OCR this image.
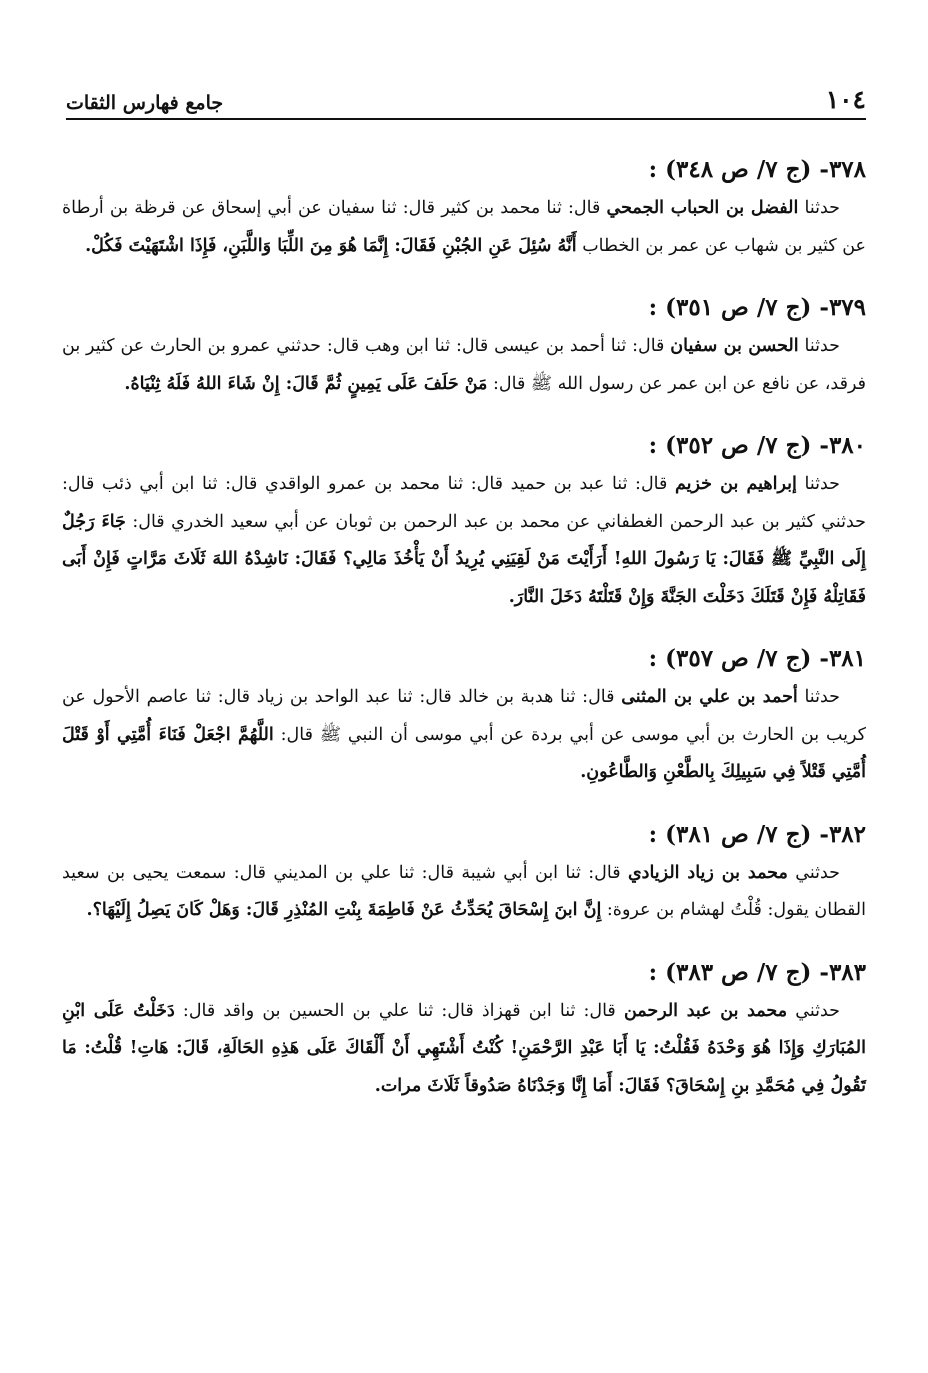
١٠٤
جامع فهارس الثقات
٣٧٨- (ج ٧/ ص ٣٤٨) :
حدثنا الفضل بن الحباب الجمحي قال: ثنا محمد بن كثير قال: ثنا سفيان عن أبي إسحاق عن قرظة بن أرطاة عن كثير بن شهاب عن عمر بن الخطاب أَنَّهُ سُئِلَ عَنِ الجُبْنِ فَقَالَ: إِنَّمَا هُوَ مِنَ اللِّبَا وَاللَّبَنِ، فَإِذَا اشْتَهَيْتَ فَكُلْ.
٣٧٩- (ج ٧/ ص ٣٥١) :
حدثنا الحسن بن سفيان قال: ثنا أحمد بن عيسى قال: ثنا ابن وهب قال: حدثني عمرو بن الحارث عن كثير بن فرقد، عن نافع عن ابن عمر عن رسول الله ﷺ قال: مَنْ حَلَفَ عَلَى يَمِينٍ ثُمَّ قَالَ: إِنْ شَاءَ اللهُ فَلَهُ ثِنْيَاهُ.
٣٨٠- (ج ٧/ ص ٣٥٢) :
حدثنا إبراهيم بن خزيم قال: ثنا عبد بن حميد قال: ثنا محمد بن عمرو الواقدي قال: ثنا ابن أبي ذئب قال: حدثني كثير بن عبد الرحمن الغطفاني عن محمد بن عبد الرحمن بن ثوبان عن أبي سعيد الخدري قال: جَاءَ رَجُلٌ إِلَى النَّبِيِّ ﷺ فَقَالَ: يَا رَسُولَ اللهِ! أَرَأَيْتَ مَنْ لَقِيَنِي يُرِيدُ أَنْ يَأْخُذَ مَالِي؟ فَقَالَ: نَاشِدْهُ اللهَ ثَلَاثَ مَرَّاتٍ فَإِنْ أَبَى فَقَاتِلْهُ فَإِنْ قَتَلَكَ دَخَلْتَ الجَنَّةَ وَإِنْ قَتَلْتَهُ دَخَلَ النَّارَ.
٣٨١- (ج ٧/ ص ٣٥٧) :
حدثنا أحمد بن علي بن المثنى قال: ثنا هدبة بن خالد قال: ثنا عبد الواحد بن زياد قال: ثنا عاصم الأحول عن كريب بن الحارث بن أبي موسى عن أبي بردة عن أبي موسى أن النبي ﷺ قال: اللَّهُمَّ اجْعَلْ فَنَاءَ أُمَّتِي أَوْ قَتْلَ أُمَّتِي قَتْلاً فِي سَبِيلِكَ بِالطَّعْنِ وَالطَّاعُونِ.
٣٨٢- (ج ٧/ ص ٣٨١) :
حدثني محمد بن زياد الزيادي قال: ثنا ابن أبي شيبة قال: ثنا علي بن المديني قال: سمعت يحيى بن سعيد القطان يقول: قُلْتُ لهشام بن عروة: إِنَّ ابنَ إِسْحَاقَ يُحَدِّثُ عَنْ فَاطِمَةَ بِنْتِ المُنْذِرِ قَالَ: وَهَلْ كَانَ يَصِلُ إِلَيْهَا؟.
٣٨٣- (ج ٧/ ص ٣٨٣) :
حدثني محمد بن عبد الرحمن قال: ثنا ابن قهزاذ قال: ثنا علي بن الحسين بن واقد قال: دَخَلْتُ عَلَى ابْنِ المُبَارَكِ وَإِذَا هُوَ وَحْدَهُ فَقُلْتُ: يَا أَبَا عَبْدِ الرَّحْمَنِ! كُنْتُ أَشْتَهِي أَنْ أَلْقَاكَ عَلَى هَذِهِ الحَالَةِ، قَالَ: هَاتِ! قُلْتُ: مَا تَقُولُ فِي مُحَمَّدِ بنِ إِسْحَاقَ؟ فَقَالَ: أَمَا إِنَّا وَجَدْنَاهُ صَدُوقاً ثَلَاثَ مرات.
